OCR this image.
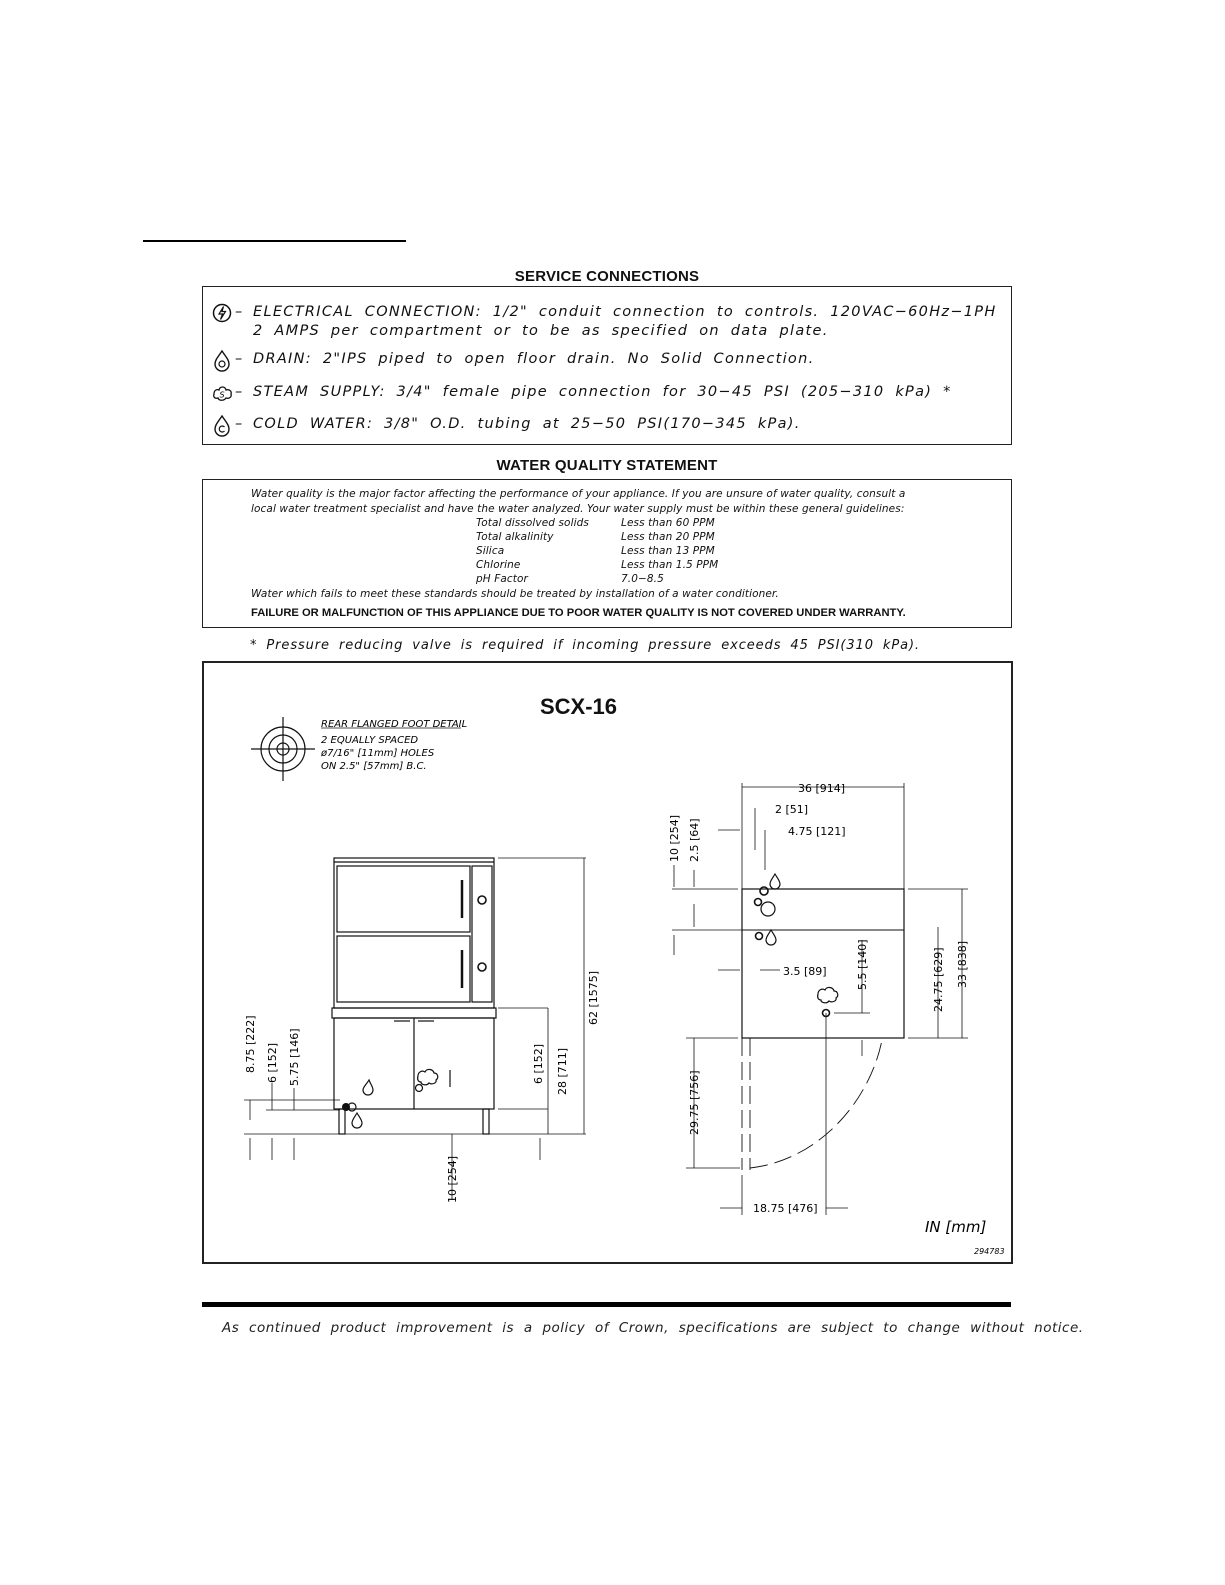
SERVICE CONNECTIONS
– ELECTRICAL CONNECTION: 1/2" conduit connection to controls. 120VAC−60Hz−1PH
2 AMPS per compartment or to be as specified on data plate.
– DRAIN: 2"IPS piped to open floor drain. No Solid Connection.
S – STEAM SUPPLY: 3/4" female pipe connection for 30−45 PSI (205−310 kPa) *
– COLD WATER: 3/8" O.D. tubing at 25−50 PSI(170−345 kPa).
WATER QUALITY STATEMENT
Water quality is the major factor affecting the performance of your appliance. If you are unsure of water quality, consult a
local water treatment specialist and have the water analyzed. Your water supply must be within these general guidelines:
Total dissolved solids	Less than 60 PPM
Total alkalinity	Less than 20 PPM
Silica	Less than 13 PPM
Chlorine	Less than 1.5 PPM
pH Factor	7.0−8.5
Water which fails to meet these standards should be treated by installation of a water conditioner.
FAILURE OR MALFUNCTION OF THIS APPLIANCE DUE TO POOR WATER QUALITY IS NOT COVERED UNDER WARRANTY.
* Pressure reducing valve is required if incoming pressure exceeds 45 PSI(310 kPa).
SCX-16
REAR FLANGED FOOT DETAIL
2 EQUALLY SPACED
ø7/16" [11mm] HOLES
ON 2.5" [57mm] B.C.
62 [1575]
28 [711]
6 [152]
10 [254]
8.75 [222] 6 [152] 5.75 [146]
36 [914]
2 [51]
4.75 [121]
10 [254] 2.5 [64]
3.5 [89]	5.5 [140]	24.75 [629] 33 [838]
29.75 [756]
18.75 [476]
IN [mm]
294783
As continued product improvement is a policy of Crown, specifications are subject to change without notice.
